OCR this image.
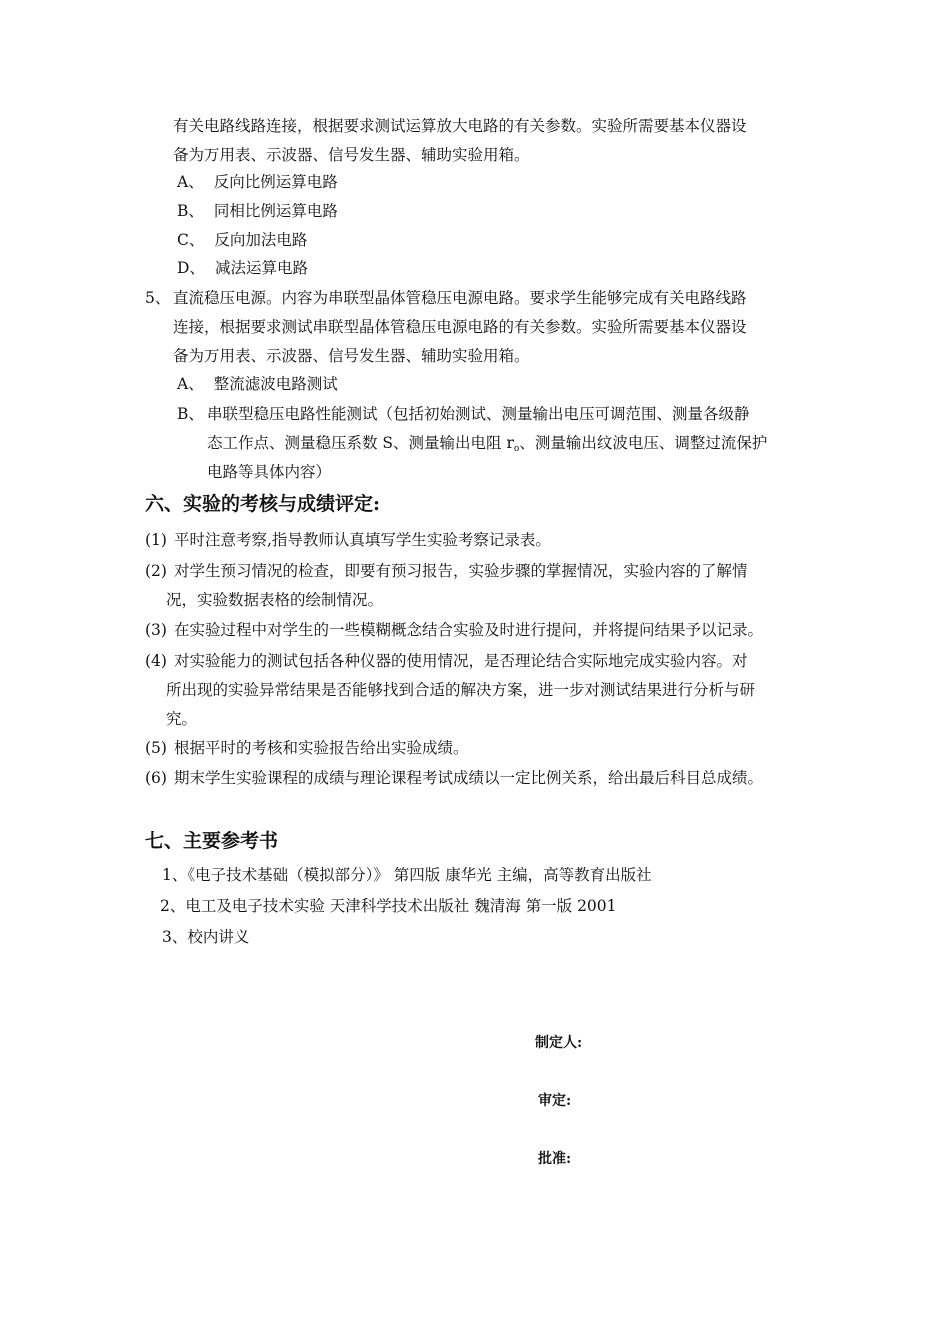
有关电路线路连接，根据要求测试运算放大电路的有关参数。实验所需要基本仪器设
备为万用表、示波器、信号发生器、辅助实验用箱。
A、 反向比例运算电路
B、 同相比例运算电路
C、 反向加法电路
D、 减法运算电路
5、 直流稳压电源。内容为串联型晶体管稳压电源电路。要求学生能够完成有关电路线路
连接，根据要求测试串联型晶体管稳压电源电路的有关参数。实验所需要基本仪器设
备为万用表、示波器、信号发生器、辅助实验用箱。
A、 整流滤波电路测试
B、 串联型稳压电路性能测试（包括初始测试、测量输出电压可调范围、测量各级静
态工作点、测量稳压系数 S、测量输出电阻 $r_o$、测量输出纹波电压、调整过流保护
电路等具体内容）
六、实验的考核与成绩评定:
(1) 平时注意考察,指导教师认真填写学生实验考察记录表。
(2) 对学生预习情况的检查，即要有预习报告，实验步骤的掌握情况，实验内容的了解情
况，实验数据表格的绘制情况。
(3) 在实验过程中对学生的一些模糊概念结合实验及时进行提问，并将提问结果予以记录。
(4) 对实验能力的测试包括各种仪器的使用情况，是否理论结合实际地完成实验内容。对
所出现的实验异常结果是否能够找到合适的解决方案，进一步对测试结果进行分析与研
究。
(5) 根据平时的考核和实验报告给出实验成绩。
(6) 期末学生实验课程的成绩与理论课程考试成绩以一定比例关系，给出最后科目总成绩。
七、主要参考书
1、《电子技术基础（模拟部分）》 第四版 康华光 主编，高等教育出版社
2、电工及电子技术实验 天津科学技术出版社 魏清海 第一版 2001
3、校内讲义
制定人:
审定:
批准:
